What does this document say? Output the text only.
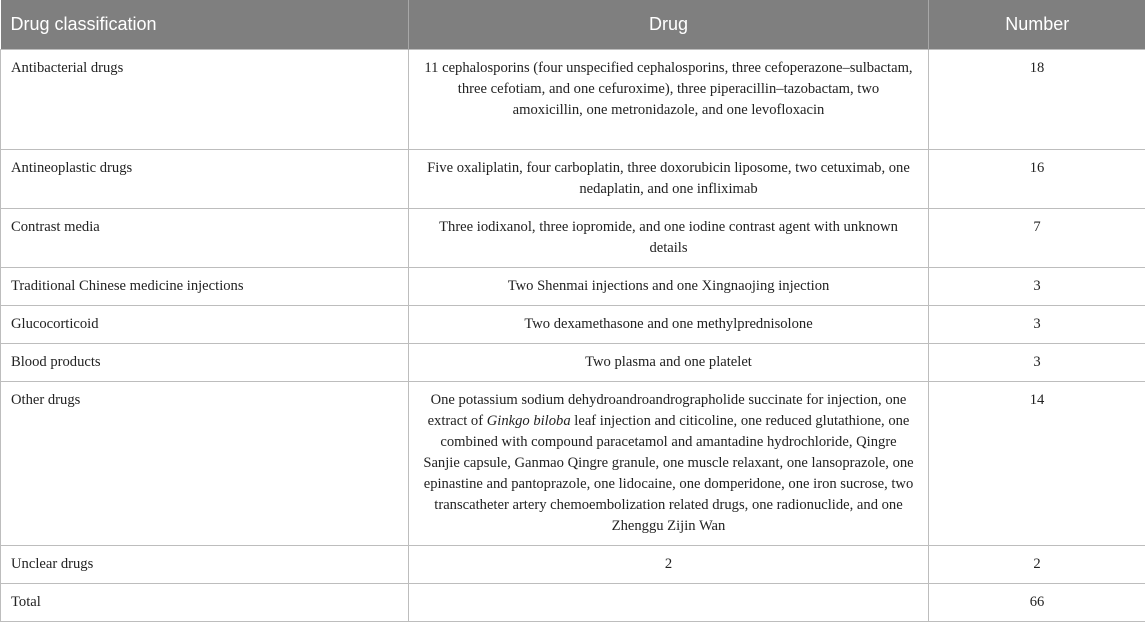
Drug classification	Drug	Number
Antibacterial drugs	11 cephalosporins (four unspecified cephalosporins, three cefoperazone–sulbactam, three cefotiam, and one cefuroxime), three piperacillin–tazobactam, two amoxicillin, one metronidazole, and one levofloxacin	18
Antineoplastic drugs	Five oxaliplatin, four carboplatin, three doxorubicin liposome, two cetuximab, one nedaplatin, and one infliximab	16
Contrast media	Three iodixanol, three iopromide, and one iodine contrast agent with unknown details	7
Traditional Chinese medicine injections	Two Shenmai injections and one Xingnaojing injection	3
Glucocorticoid	Two dexamethasone and one methylprednisolone	3
Blood products	Two plasma and one platelet	3
Other drugs	One potassium sodium dehydroandroandrographolide succinate for injection, one extract of Ginkgo biloba leaf injection and citicoline, one reduced glutathione, one combined with compound paracetamol and amantadine hydrochloride, Qingre Sanjie capsule, Ganmao Qingre granule, one muscle relaxant, one lansoprazole, one epinastine and pantoprazole, one lidocaine, one domperidone, one iron sucrose, two transcatheter artery chemoembolization related drugs, one radionuclide, and one Zhenggu Zijin Wan	14
Unclear drugs	2	2
Total		66
